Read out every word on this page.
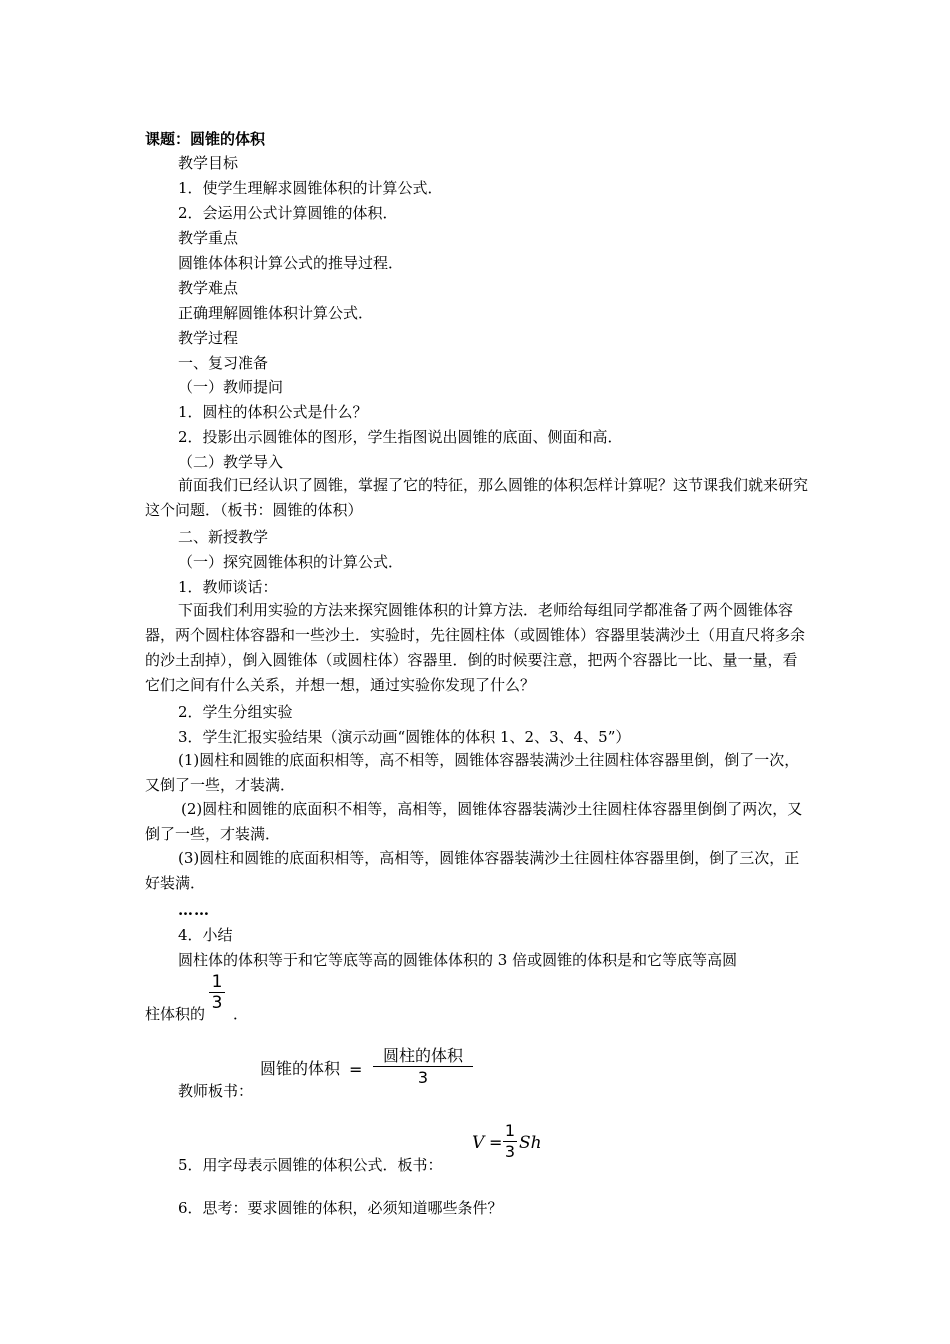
课题：圆锥的体积
教学目标
1．使学生理解求圆锥体积的计算公式．
2．会运用公式计算圆锥的体积．
教学重点
圆锥体体积计算公式的推导过程．
教学难点
正确理解圆锥体积计算公式．
教学过程
一、复习准备
（一）教师提问
1．圆柱的体积公式是什么？
2．投影出示圆锥体的图形，学生指图说出圆锥的底面、侧面和高．
（二）教学导入
前面我们已经认识了圆锥，掌握了它的特征，那么圆锥的体积怎样计算呢？这节课我们就来研究这个问题．（板书：圆锥的体积）
二、新授教学
（一）探究圆锥体积的计算公式．
1．教师谈话：
下面我们利用实验的方法来探究圆锥体积的计算方法．老师给每组同学都准备了两个圆锥体容器，两个圆柱体容器和一些沙土．实验时，先往圆柱体（或圆锥体）容器里装满沙土（用直尺将多余的沙土刮掉），倒入圆锥体（或圆柱体）容器里．倒的时候要注意，把两个容器比一比、量一量，看它们之间有什么关系，并想一想，通过实验你发现了什么？
2．学生分组实验
3．学生汇报实验结果（演示动画“圆锥体的体积 1、2、3、4、5”）
(1)圆柱和圆锥的底面积相等，高不相等，圆锥体容器装满沙土往圆柱体容器里倒，倒了一次，又倒了一些，才装满．
(2)圆柱和圆锥的底面积不相等，高相等，圆锥体容器装满沙土往圆柱体容器里倒倒了两次，又倒了一些，才装满．
(3)圆柱和圆锥的底面积相等，高相等，圆锥体容器装满沙土往圆柱体容器里倒，倒了三次，正好装满．
……
4．小结
圆柱体的体积等于和它等底等高的圆锥体体积的 3 倍或圆锥的体积是和它等底等高圆
柱体积的
1
3
．
教师板书：
圆锥的体积 =
圆柱的体积
3
5．用字母表示圆锥的体积公式．板书：
V =
1
3 Sh
6．思考：要求圆锥的体积，必须知道哪些条件？
